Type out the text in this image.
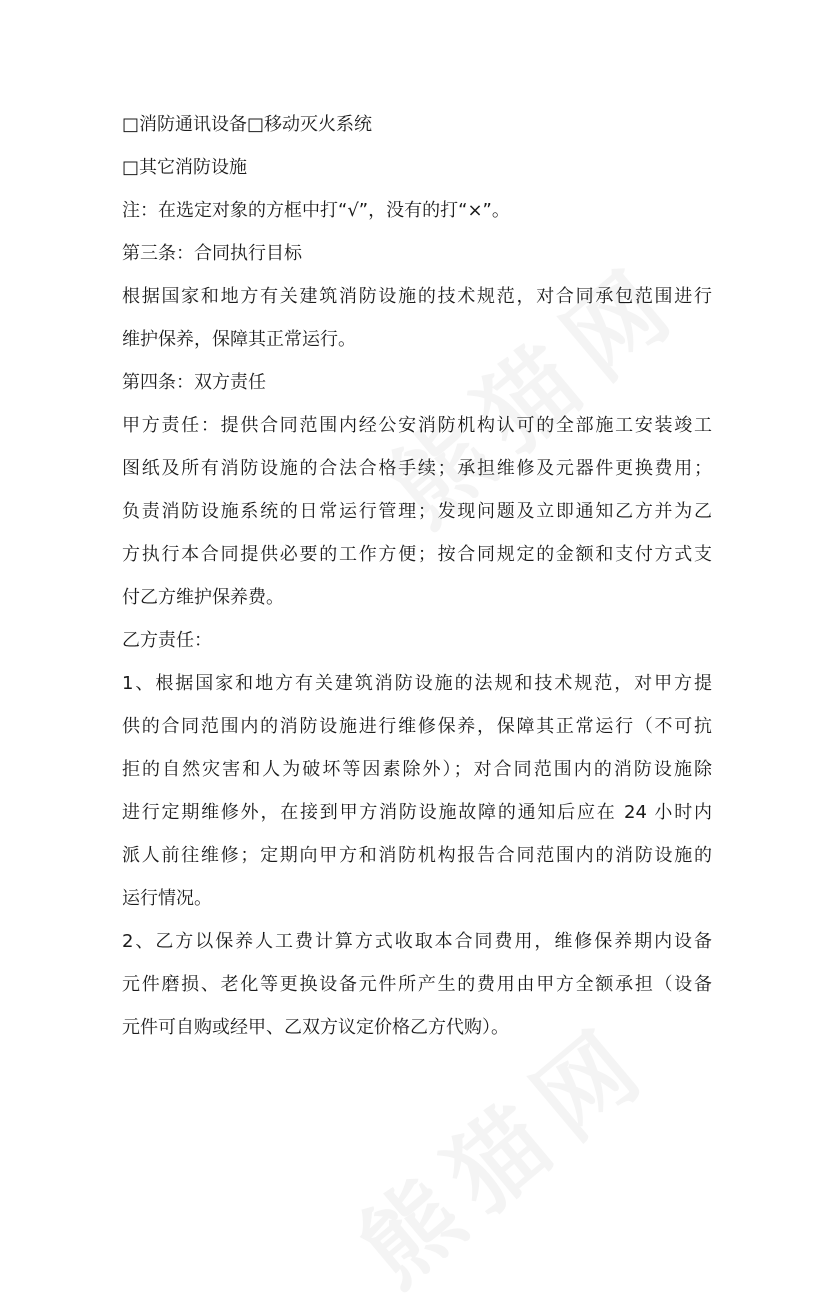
□消防通讯设备□移动灭火系统

□其它消防设施

注：在选定对象的方框中打“√”，没有的打“×”。

第三条：合同执行目标

根据国家和地方有关建筑消防设施的技术规范，对合同承包范围进行

维护保养，保障其正常运行。

第四条：双方责任

甲方责任：提供合同范围内经公安消防机构认可的全部施工安装竣工

图纸及所有消防设施的合法合格手续；承担维修及元器件更换费用；

负责消防设施系统的日常运行管理；发现问题及立即通知乙方并为乙

方执行本合同提供必要的工作方便；按合同规定的金额和支付方式支

付乙方维护保养费。

乙方责任：

1、根据国家和地方有关建筑消防设施的法规和技术规范，对甲方提

供的合同范围内的消防设施进行维修保养，保障其正常运行（不可抗

拒的自然灾害和人为破坏等因素除外）；对合同范围内的消防设施除

进行定期维修外，在接到甲方消防设施故障的通知后应在 24 小时内

派人前往维修；定期向甲方和消防机构报告合同范围内的消防设施的

运行情况。

2、乙方以保养人工费计算方式收取本合同费用，维修保养期内设备

元件磨损、老化等更换设备元件所产生的费用由甲方全额承担（设备

元件可自购或经甲、乙双方议定价格乙方代购）。
